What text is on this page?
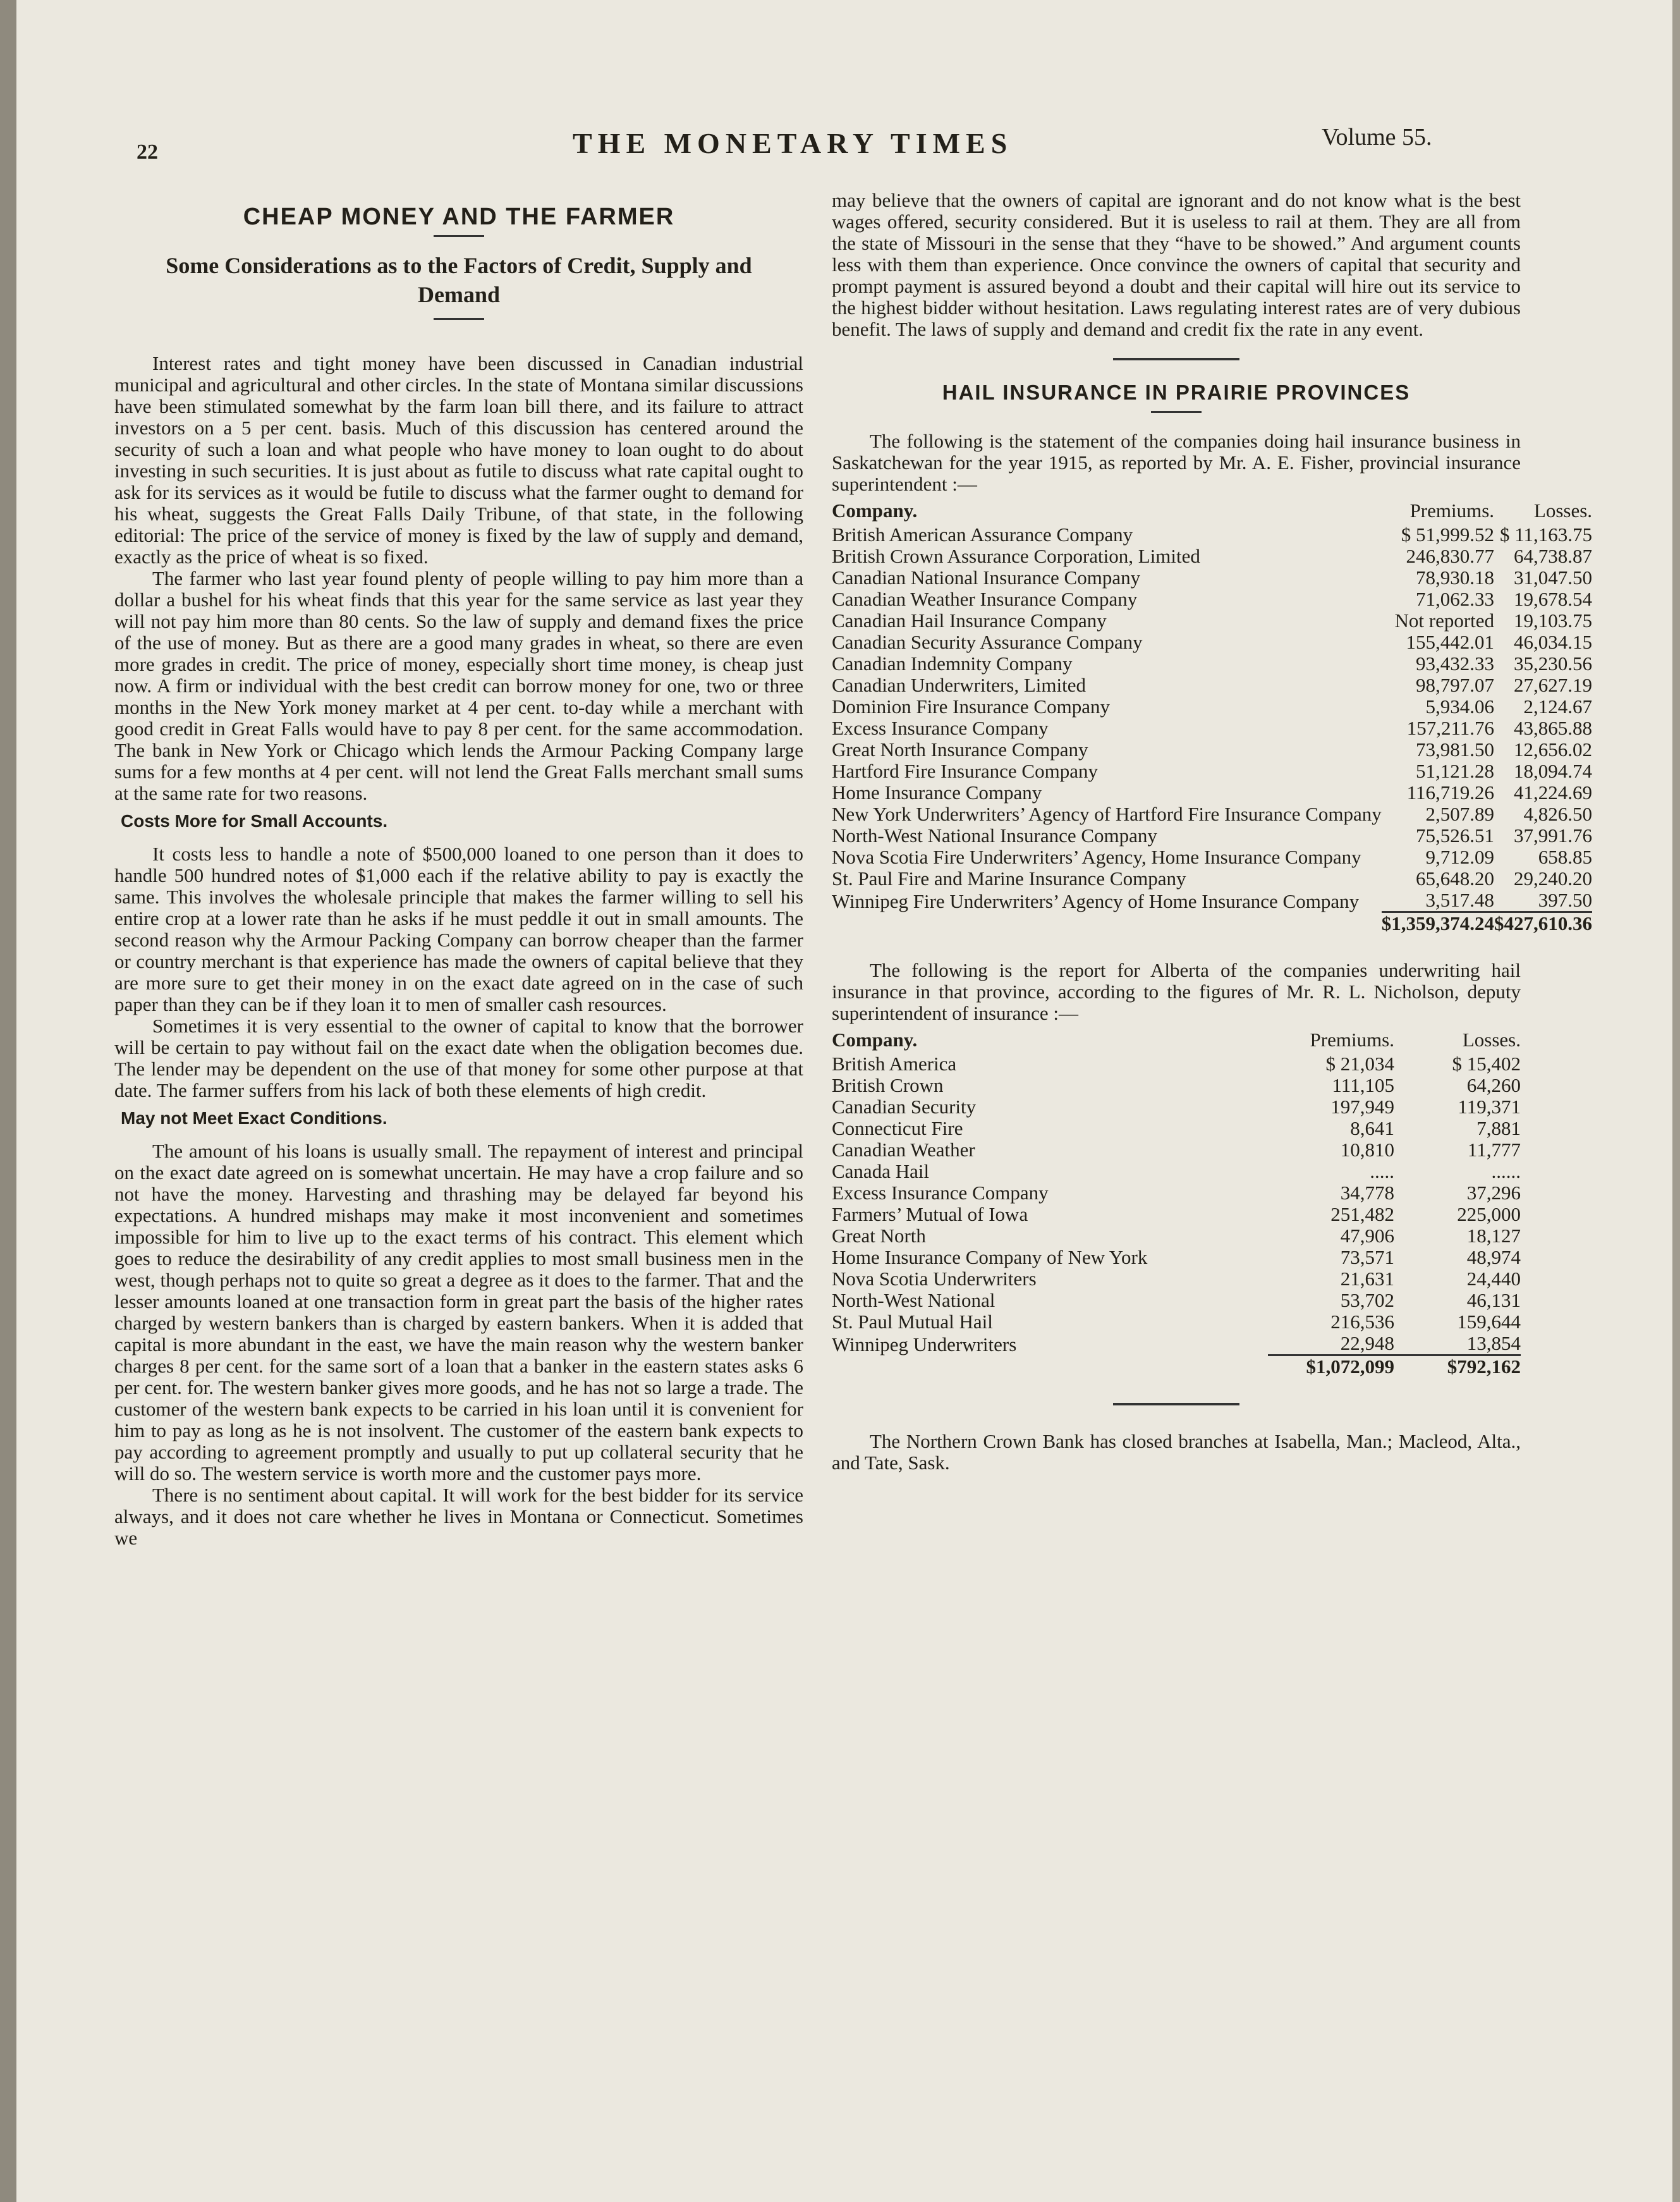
22	THE MONETARY TIMES	Volume 55.
CHEAP MONEY AND THE FARMER
Some Considerations as to the Factors of Credit, Supply and Demand

Interest rates and tight money have been discussed in Canadian industrial municipal and agricultural and other circles. In the state of Montana similar discussions have been stimulated somewhat by the farm loan bill there, and its failure to attract investors on a 5 per cent. basis. Much of this discussion has centered around the security of such a loan and what people who have money to loan ought to do about investing in such securities. It is just about as futile to discuss what rate capital ought to ask for its services as it would be futile to discuss what the farmer ought to demand for his wheat, suggests the Great Falls Daily Tribune, of that state, in the following editorial: The price of the service of money is fixed by the law of supply and demand, exactly as the price of wheat is so fixed.

The farmer who last year found plenty of people willing to pay him more than a dollar a bushel for his wheat finds that this year for the same service as last year they will not pay him more than 80 cents. So the law of supply and demand fixes the price of the use of money. But as there are a good many grades in wheat, so there are even more grades in credit. The price of money, especially short time money, is cheap just now. A firm or individual with the best credit can borrow money for one, two or three months in the New York money market at 4 per cent. to-day while a merchant with good credit in Great Falls would have to pay 8 per cent. for the same accommodation. The bank in New York or Chicago which lends the Armour Packing Company large sums for a few months at 4 per cent. will not lend the Great Falls merchant small sums at the same rate for two reasons.

Costs More for Small Accounts.

It costs less to handle a note of $500,000 loaned to one person than it does to handle 500 hundred notes of $1,000 each if the relative ability to pay is exactly the same. This involves the wholesale principle that makes the farmer willing to sell his entire crop at a lower rate than he asks if he must peddle it out in small amounts. The second reason why the Armour Packing Company can borrow cheaper than the farmer or country merchant is that experience has made the owners of capital believe that they are more sure to get their money in on the exact date agreed on in the case of such paper than they can be if they loan it to men of smaller cash resources.

Sometimes it is very essential to the owner of capital to know that the borrower will be certain to pay without fail on the exact date when the obligation becomes due. The lender may be dependent on the use of that money for some other purpose at that date. The farmer suffers from his lack of both these elements of high credit.

May not Meet Exact Conditions.

The amount of his loans is usually small. The repayment of interest and principal on the exact date agreed on is somewhat uncertain. He may have a crop failure and so not have the money. Harvesting and thrashing may be delayed far beyond his expectations. A hundred mishaps may make it most inconvenient and sometimes impossible for him to live up to the exact terms of his contract. This element which goes to reduce the desirability of any credit applies to most small business men in the west, though perhaps not to quite so great a degree as it does to the farmer. That and the lesser amounts loaned at one transaction form in great part the basis of the higher rates charged by western bankers than is charged by eastern bankers. When it is added that capital is more abundant in the east, we have the main reason why the western banker charges 8 per cent. for the same sort of a loan that a banker in the eastern states asks 6 per cent. for. The western banker gives more goods, and he has not so large a trade. The customer of the western bank expects to be carried in his loan until it is convenient for him to pay as long as he is not insolvent. The customer of the eastern bank expects to pay according to agreement promptly and usually to put up collateral security that he will do so. The western service is worth more and the customer pays more.

There is no sentiment about capital. It will work for the best bidder for its service always, and it does not care whether he lives in Montana or Connecticut. Sometimes we

may believe that the owners of capital are ignorant and do not know what is the best wages offered, security considered. But it is useless to rail at them. They are all from the state of Missouri in the sense that they “have to be showed.” And argument counts less with them than experience. Once convince the owners of capital that security and prompt payment is assured beyond a doubt and their capital will hire out its service to the highest bidder without hesitation. Laws regulating interest rates are of very dubious benefit. The laws of supply and demand and credit fix the rate in any event.

HAIL INSURANCE IN PRAIRIE PROVINCES

The following is the statement of the companies doing hail insurance business in Saskatchewan for the year 1915, as reported by Mr. A. E. Fisher, provincial insurance superintendent :—

Company.		Premiums.	Losses.
British American Assurance Company		$ 51,999.52	$ 11,163.75
British Crown Assurance Corporation, Limited		246,830.77	64,738.87
Canadian National Insurance Company		78,930.18	31,047.50
Canadian Weather Insurance Company		71,062.33	19,678.54
Canadian Hail Insurance Company		Not reported	19,103.75
Canadian Security Assurance Company		155,442.01	46,034.15
Canadian Indemnity Company		93,432.33	35,230.56
Canadian Underwriters, Limited		98,797.07	27,627.19
Dominion Fire Insurance Company		5,934.06	2,124.67
Excess Insurance Company		157,211.76	43,865.88
Great North Insurance Company		73,981.50	12,656.02
Hartford Fire Insurance Company		51,121.28	18,094.74
Home Insurance Company		116,719.26	41,224.69
New York Underwriters’ Agency of Hartford Fire Insurance Company		2,507.89	4,826.50
North-West National Insurance Company		75,526.51	37,991.76
Nova Scotia Fire Underwriters’ Agency, Home Insurance Company		9,712.09	658.85
St. Paul Fire and Marine Insurance Company		65,648.20	29,240.20
Winnipeg Fire Underwriters’ Agency of Home Insurance Company		3,517.48	397.50

		$1,359,374.24	$427,610.36

The following is the report for Alberta of the companies underwriting hail insurance in that province, according to the figures of Mr. R. L. Nicholson, deputy superintendent of insurance :—

Company.		Premiums.	Losses.
British America		$ 21,034	$ 15,402
British Crown		111,105	64,260
Canadian Security		197,949	119,371
Connecticut Fire		8,641	7,881
Canadian Weather		10,810	11,777
Canada Hail		.....	......
Excess Insurance Company		34,778	37,296
Farmers’ Mutual of Iowa		251,482	225,000
Great North		47,906	18,127
Home Insurance Company of New York		73,571	48,974
Nova Scotia Underwriters		21,631	24,440
North-West National		53,702	46,131
St. Paul Mutual Hail		216,536	159,644
Winnipeg Underwriters		22,948	13,854

		$1,072,099	$792,162

The Northern Crown Bank has closed branches at Isabella, Man.; Macleod, Alta., and Tate, Sask.
